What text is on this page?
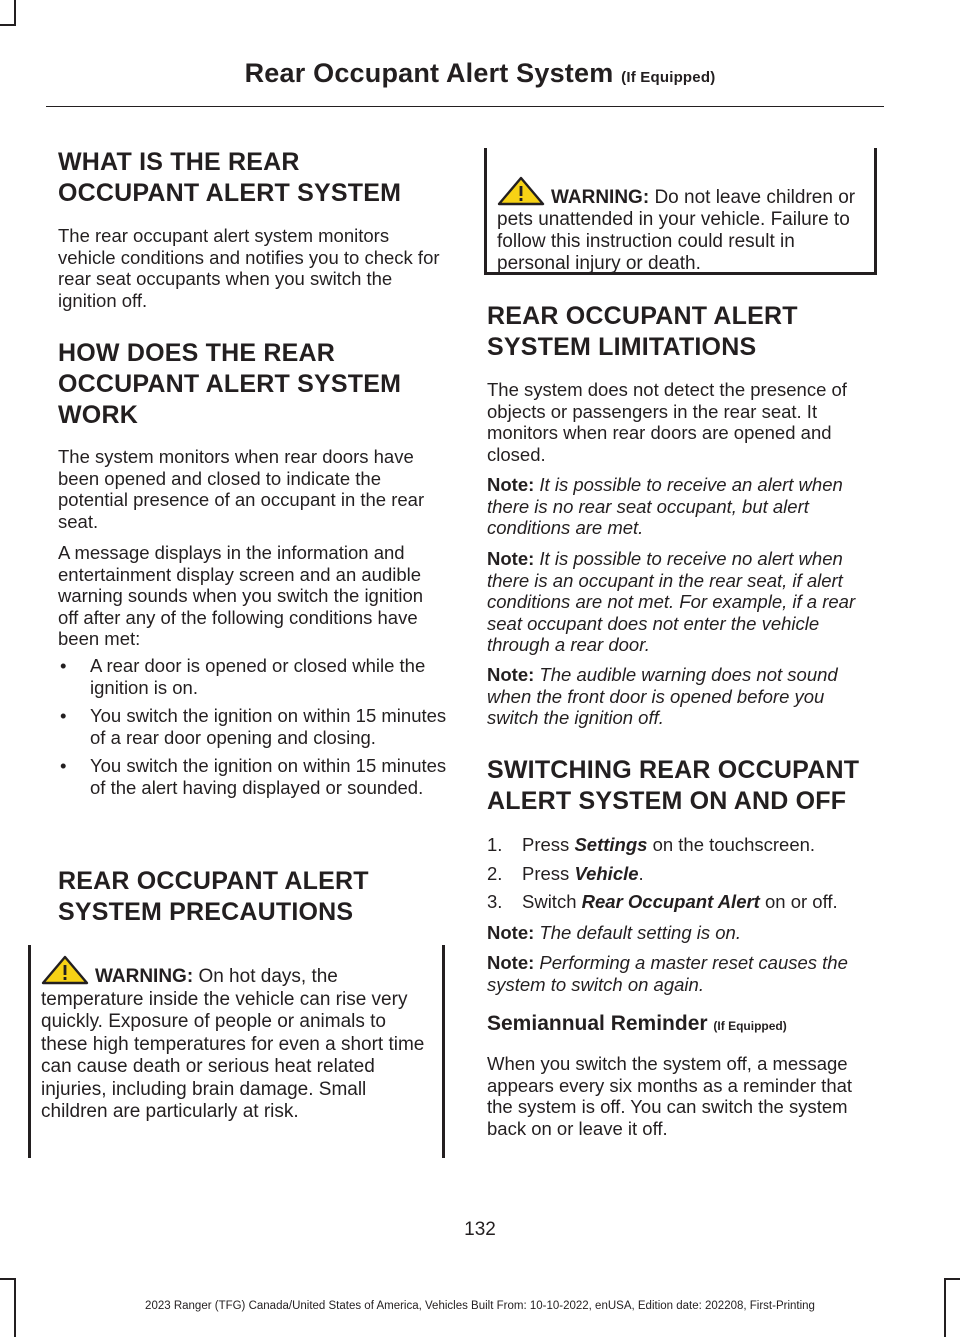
Rear Occupant Alert System (If Equipped)
WHAT IS THE REAR OCCUPANT ALERT SYSTEM

The rear occupant alert system monitors vehicle conditions and notifies you to check for rear seat occupants when you switch the ignition off.

HOW DOES THE REAR OCCUPANT ALERT SYSTEM WORK

The system monitors when rear doors have been opened and closed to indicate the potential presence of an occupant in the rear seat.

A message displays in the information and entertainment display screen and an audible warning sounds when you switch the ignition off after any of the following conditions have been met:

• A rear door is opened or closed while the ignition is on.
• You switch the ignition on within 15 minutes of a rear door opening and closing.
• You switch the ignition on within 15 minutes of the alert having displayed or sounded.
REAR OCCUPANT ALERT SYSTEM PRECAUTIONS

WARNING: On hot days, the temperature inside the vehicle can rise very quickly. Exposure of people or animals to these high temperatures for even a short time can cause death or serious heat related injuries, including brain damage. Small children are particularly at risk.

WARNING: Do not leave children or pets unattended in your vehicle. Failure to follow this instruction could result in personal injury or death.

REAR OCCUPANT ALERT SYSTEM LIMITATIONS

The system does not detect the presence of objects or passengers in the rear seat. It monitors when rear doors are opened and closed.

Note: It is possible to receive an alert when there is no rear seat occupant, but alert conditions are met.

Note: It is possible to receive no alert when there is an occupant in the rear seat, if alert conditions are not met. For example, if a rear seat occupant does not enter the vehicle through a rear door.

Note: The audible warning does not sound when the front door is opened before you switch the ignition off.

SWITCHING REAR OCCUPANT ALERT SYSTEM ON AND OFF
1.	Press Settings on the touchscreen.
2.	Press Vehicle.
3.	Switch Rear Occupant Alert on or off.

Note: The default setting is on.

Note: Performing a master reset causes the system to switch on again.

Semiannual Reminder (If Equipped)

When you switch the system off, a message appears every six months as a reminder that the system is off. You can switch the system back on or leave it off.

132
2023 Ranger (TFG) Canada/United States of America, Vehicles Built From: 10-10-2022, enUSA, Edition date: 202208, First-Printing
